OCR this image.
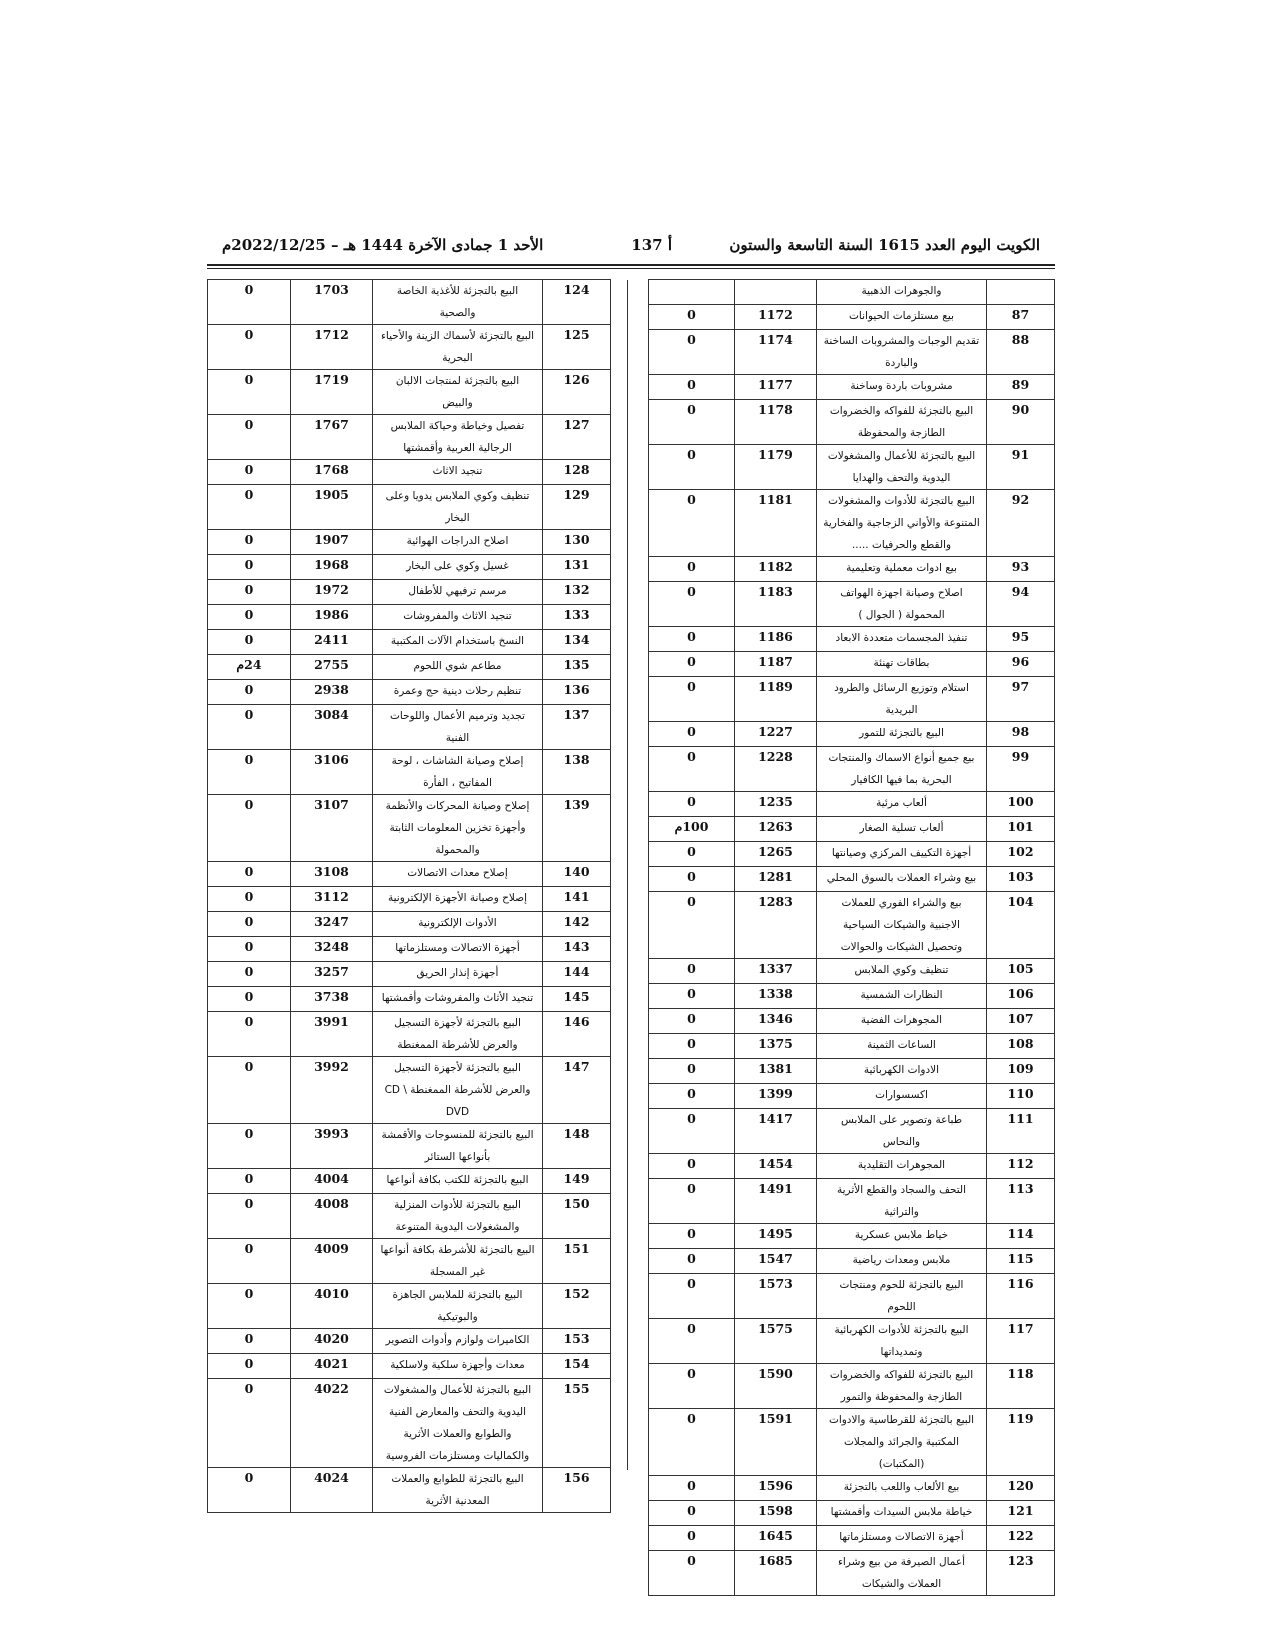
الكويت اليوم العدد 1615 السنة التاسعة والستون
أ 137
الأحد 1 جمادى الآخرة 1444 هـ – 2022/12/25م
	والجوهرات الذهبية		
87	بيع مستلزمات الحيوانات	1172	0
88	تقديم الوجبات والمشروبات الساخنة
والباردة	1174	0
89	مشروبات باردة وساخنة	1177	0
90	البيع بالتجزئة للفواكه والخضروات
الطازجة والمحفوظة	1178	0
91	البيع بالتجزئة للأعمال والمشغولات
اليدوية والتحف والهدايا	1179	0
92	البيع بالتجزئة للأدوات والمشغولات
المتنوعة والأواني الزجاجية والفخارية
والقطع والحرفيات .....	1181	0
93	بيع ادوات معملية وتعليمية	1182	0
94	اصلاح وصيانة اجهزة الهواتف
المحمولة ( الجوال )	1183	0
95	تنفيذ المجسمات متعددة الابعاد	1186	0
96	بطاقات تهنئة	1187	0
97	استلام وتوزيع الرسائل والطرود
البريدية	1189	0
98	البيع بالتجزئة للتمور	1227	0
99	بيع جميع أنواع الاسماك والمنتجات
البحرية بما فيها الكافيار	1228	0
100	ألعاب مرئية	1235	0
101	ألعاب تسلية الصغار	1263	100م
102	أجهزة التكييف المركزي وصيانتها	1265	0
103	بيع وشراء العملات بالسوق المحلي	1281	0
104	بيع والشراء الفوري للعملات
الاجنبية والشيكات السياحية
وتحصيل الشيكات والحوالات	1283	0
105	تنظيف وكوي الملابس	1337	0
106	النظارات الشمسية	1338	0
107	المجوهرات الفضية	1346	0
108	الساعات الثمينة	1375	0
109	الادوات الكهربائية	1381	0
110	اكسسوارات	1399	0
111	طباعة وتصوير على الملابس والنحاس	1417	0
112	المجوهرات التقليدية	1454	0
113	التحف والسجاد والقطع الأثرية
والتراثية	1491	0
114	خياط ملابس عسكرية	1495	0
115	ملابس ومعدات رياضية	1547	0
116	البيع بالتجزئة للحوم ومنتجات
اللحوم	1573	0
117	البيع بالتجزئة للأدوات الكهربائية
وتمديداتها	1575	0
118	البيع بالتجزئة للفواكه والخضروات
الطازجة والمحفوظة والتمور	1590	0
119	البيع بالتجزئة للقرطاسية والادوات
المكتبية والجرائد والمجلات (المكتبات)	1591	0
120	بيع الألعاب واللعب بالتجزئة	1596	0
121	خياطة ملابس السيدات وأقمشتها	1598	0
122	أجهزة الاتصالات ومستلزماتها	1645	0
123	أعمال الصيرفة من بيع وشراء
العملات والشيكات	1685	0
124	البيع بالتجزئة للأغذية الخاصة
والصحية	1703	0
125	البيع بالتجزئة لأسماك الزينة والأحياء
البحرية	1712	0
126	البيع بالتجزئة لمنتجات الالبان
والبيض	1719	0
127	تفصيل وخياطة وحياكة الملابس
الرجالية العربية وأقمشتها	1767	0
128	تنجيد الاثاث	1768	0
129	تنظيف وكوي الملابس يدويا وعلى
البخار	1905	0
130	اصلاح الدراجات الهوائية	1907	0
131	غسيل وكوي على البخار	1968	0
132	مرسم ترفيهي للأطفال	1972	0
133	تنجيد الاثاث والمفروشات	1986	0
134	النسخ باستخدام الآلات المكتبية	2411	0
135	مطاعم شوي اللحوم	2755	24م
136	تنظيم رحلات دينية حج وعمرة	2938	0
137	تجديد وترميم الأعمال واللوحات
الفنية	3084	0
138	إصلاح وصيانة الشاشات ، لوحة
المفاتيح ، الفأرة	3106	0
139	إصلاح وصيانة المحركات والأنظمة
وأجهزة تخزين المعلومات الثابتة
والمحمولة	3107	0
140	إصلاح معدات الاتصالات	3108	0
141	إصلاح وصيانة الأجهزة الإلكترونية	3112	0
142	الأدوات الإلكترونية	3247	0
143	أجهزة الاتصالات ومستلزماتها	3248	0
144	أجهزة إنذار الحريق	3257	0
145	تنجيد الأثاث والمفروشات وأقمشتها	3738	0
146	البيع بالتجزئة لأجهزة التسجيل
والعرض للأشرطة الممغنطة	3991	0
147	البيع بالتجزئة لأجهزة التسجيل
والعرض للأشرطة الممغنطة \ CD
DVD	3992	0
148	البيع بالتجزئة للمنسوجات والأقمشة
بأنواعها الستائر	3993	0
149	البيع بالتجزئة للكتب بكافة أنواعها	4004	0
150	البيع بالتجزئة للأدوات المنزلية
والمشغولات اليدوية المتنوعة	4008	0
151	البيع بالتجزئة للأشرطة بكافة أنواعها
غير المسجلة	4009	0
152	البيع بالتجزئة للملابس الجاهزة
والبوتيكية	4010	0
153	الكاميرات ولوازم وأدوات التصوير	4020	0
154	معدات وأجهزة سلكية ولاسلكية	4021	0
155	البيع بالتجزئة للأعمال والمشغولات
اليدوية والتحف والمعارض الفنية
والطوابع والعملات الأثرية
والكماليات ومستلزمات الفروسية	4022	0
156	البيع بالتجزئة للطوابع والعملات
المعدنية الأثرية	4024	0
